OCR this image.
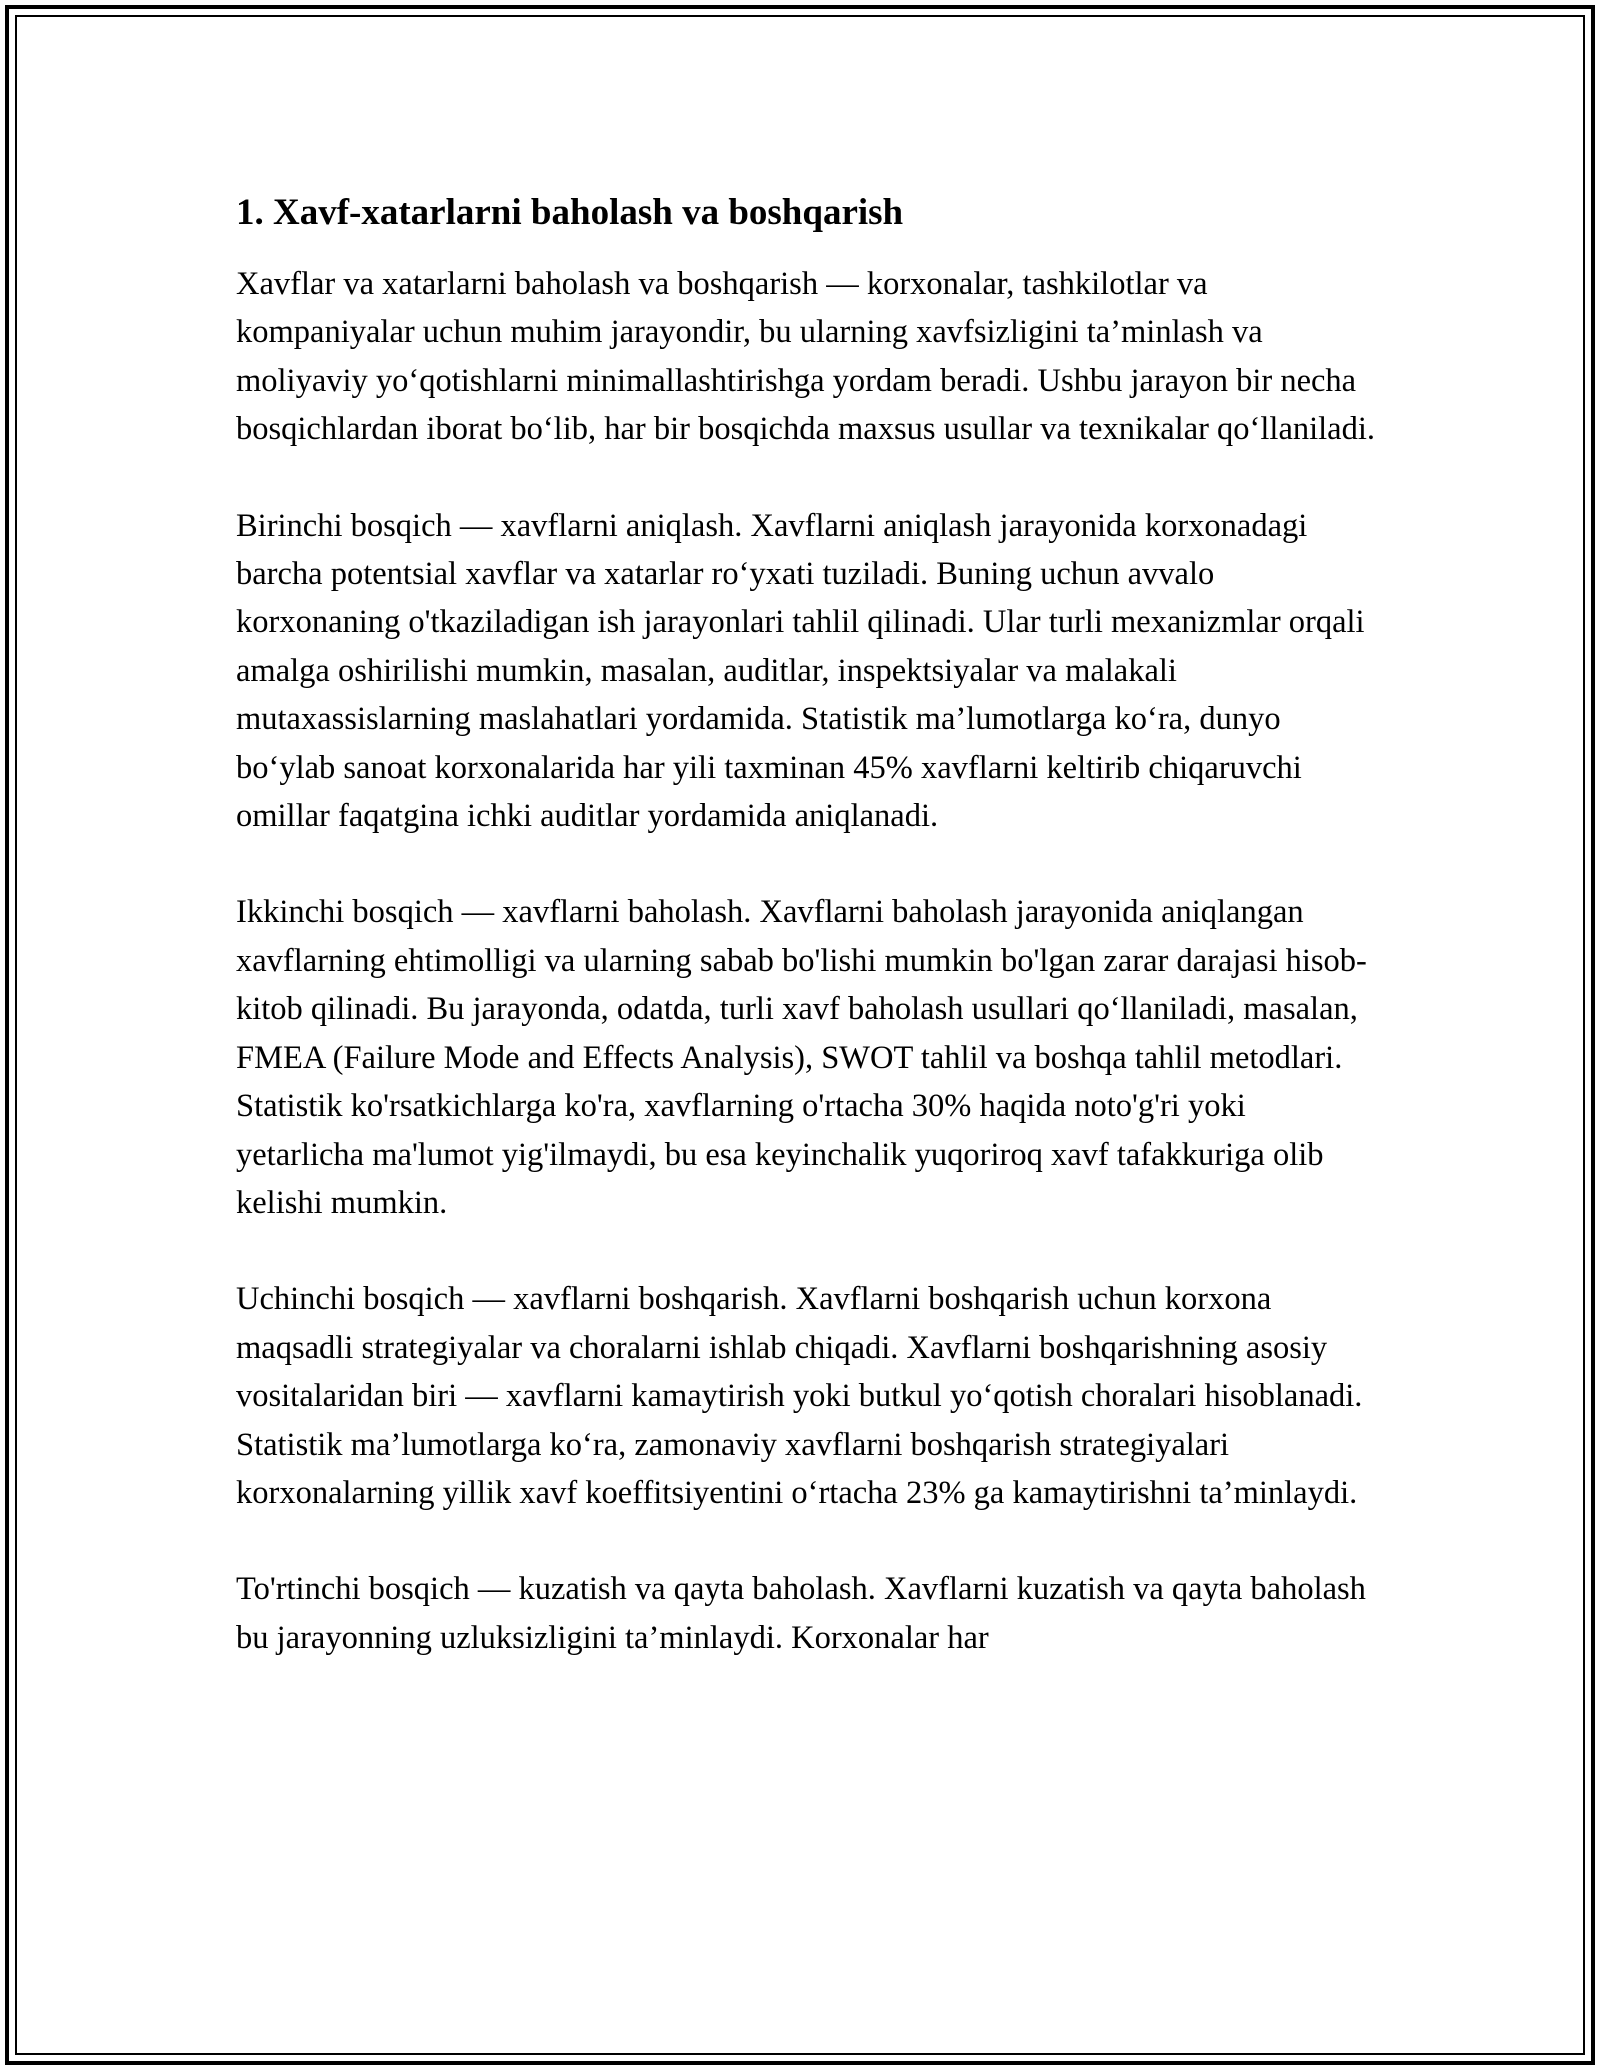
1. Xavf-xatarlarni baholash va boshqarish

Xavflar va xatarlarni baholash va boshqarish — korxonalar, tashkilotlar va kompaniyalar uchun muhim jarayondir, bu ularning xavfsizligini ta’minlash va moliyaviy yo‘qotishlarni minimallashtirishga yordam beradi. Ushbu jarayon bir necha bosqichlardan iborat bo‘lib, har bir bosqichda maxsus usullar va texnikalar qo‘llaniladi.

Birinchi bosqich — xavflarni aniqlash. Xavflarni aniqlash jarayonida korxonadagi barcha potentsial xavflar va xatarlar ro‘yxati tuziladi. Buning uchun avvalo korxonaning o'tkaziladigan ish jarayonlari tahlil qilinadi. Ular turli mexanizmlar orqali amalga oshirilishi mumkin, masalan, auditlar, inspektsiyalar va malakali mutaxassislarning maslahatlari yordamida. Statistik ma’lumotlarga ko‘ra, dunyo bo‘ylab sanoat korxonalarida har yili taxminan 45% xavflarni keltirib chiqaruvchi omillar faqatgina ichki auditlar yordamida aniqlanadi.

Ikkinchi bosqich — xavflarni baholash. Xavflarni baholash jarayonida aniqlangan xavflarning ehtimolligi va ularning sabab bo'lishi mumkin bo'lgan zarar darajasi hisob-kitob qilinadi. Bu jarayonda, odatda, turli xavf baholash usullari qo‘llaniladi, masalan, FMEA (Failure Mode and Effects Analysis), SWOT tahlil va boshqa tahlil metodlari. Statistik ko'rsatkichlarga ko'ra, xavflarning o'rtacha 30% haqida noto'g'ri yoki yetarlicha ma'lumot yig'ilmaydi, bu esa keyinchalik yuqoriroq xavf tafakkuriga olib kelishi mumkin.

Uchinchi bosqich — xavflarni boshqarish. Xavflarni boshqarish uchun korxona maqsadli strategiyalar va choralarni ishlab chiqadi. Xavflarni boshqarishning asosiy vositalaridan biri — xavflarni kamaytirish yoki butkul yo‘qotish choralari hisoblanadi. Statistik ma’lumotlarga ko‘ra, zamonaviy xavflarni boshqarish strategiyalari korxonalarning yillik xavf koeffitsiyentini o‘rtacha 23% ga kamaytirishni ta’minlaydi.

To'rtinchi bosqich — kuzatish va qayta baholash. Xavflarni kuzatish va qayta baholash bu jarayonning uzluksizligini ta’minlaydi. Korxonalar har
